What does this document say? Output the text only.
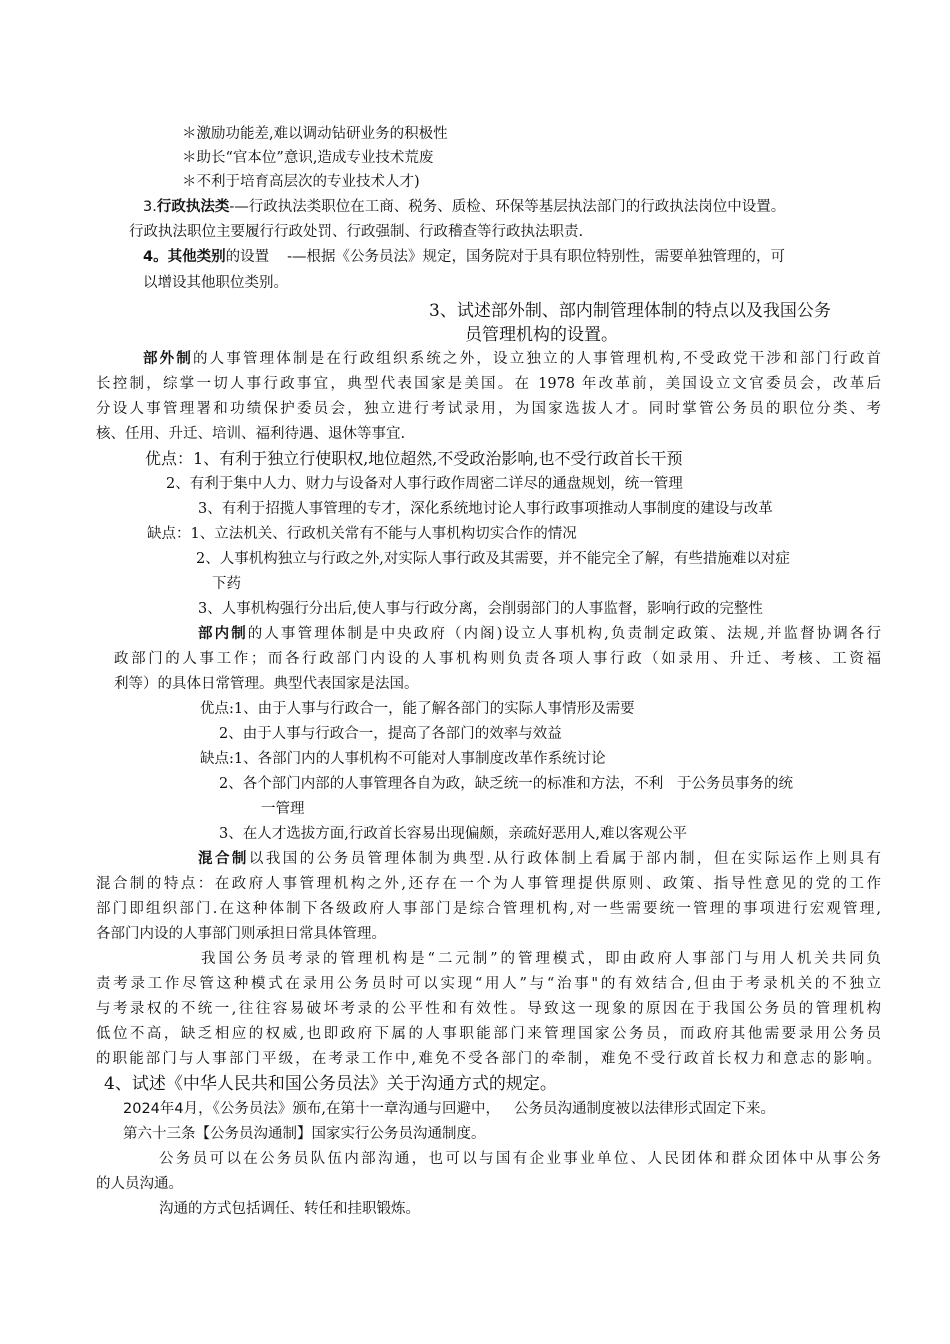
＊激励功能差,难以调动钻研业务的积极性
＊助长“官本位”意识,造成专业技术荒废
＊不利于培育高层次的专业技术人才)
3.行政执法类-—行政执法类职位在工商、税务、质检、环保等基层执法部门的行政执法岗位中设置。
行政执法职位主要履行行政处罚、行政强制、行政稽查等行政执法职责.
4。其他类别的设置 -—根据《公务员法》规定，国务院对于具有职位特别性，需要单独管理的，可
以增设其他职位类别。
3、试述部外制、部内制管理体制的特点以及我国公务
员管理机构的设置。
部外制的人事管理体制是在行政组织系统之外，设立独立的人事管理机构,不受政党干涉和部门行政首
长控制，综掌一切人事行政事宜，典型代表国家是美国。在 1978 年改革前，美国设立文官委员会，改革后
分设人事管理署和功绩保护委员会，独立进行考试录用，为国家选拔人才。同时掌管公务员的职位分类、考
核、任用、升迁、培训、福利待遇、退休等事宜.
优点：1、有利于独立行使职权,地位超然,不受政治影响,也不受行政首长干预
2、有利于集中人力、财力与设备对人事行政作周密二详尽的通盘规划，统一管理
3、有利于招揽人事管理的专才，深化系统地讨论人事行政事项推动人事制度的建设与改革
缺点：1、立法机关、行政机关常有不能与人事机构切实合作的情况
2、人事机构独立与行政之外,对实际人事行政及其需要，并不能完全了解，有些措施难以对症
下药
3、人事机构强行分出后,使人事与行政分离，会削弱部门的人事监督，影响行政的完整性
部内制的人事管理体制是中央政府（内阁)设立人事机构,负责制定政策、法规,并监督协调各行
政部门的人事工作；而各行政部门内设的人事机构则负责各项人事行政（如录用、升迁、考核、工资福
利等）的具体日常管理。典型代表国家是法国。
优点:1、由于人事与行政合一，能了解各部门的实际人事情形及需要
2、由于人事与行政合一，提高了各部门的效率与效益
缺点:1、各部门内的人事机构不可能对人事制度改革作系统讨论
2、各个部门内部的人事管理各自为政，缺乏统一的标准和方法，不利   于公务员事务的统
一管理
3、在人才选拔方面,行政首长容易出现偏颇，亲疏好恶用人,难以客观公平
混合制以我国的公务员管理体制为典型.从行政体制上看属于部内制，但在实际运作上则具有
混合制的特点：在政府人事管理机构之外,还存在一个为人事管理提供原则、政策、指导性意见的党的工作
部门即组织部门.在这种体制下各级政府人事部门是综合管理机构,对一些需要统一管理的事项进行宏观管理,
各部门内设的人事部门则承担日常具体管理。
我国公务员考录的管理机构是“二元制”的管理模式，即由政府人事部门与用人机关共同负
责考录工作尽管这种模式在录用公务员时可以实现“用人”与“治事"的有效结合,但由于考录机关的不独立
与考录权的不统一,往往容易破坏考录的公平性和有效性。导致这一现象的原因在于我国公务员的管理机构
低位不高，缺乏相应的权威,也即政府下属的人事职能部门来管理国家公务员，而政府其他需要录用公务员
的职能部门与人事部门平级，在考录工作中,难免不受各部门的牵制，难免不受行政首长权力和意志的影响。
4、试述《中华人民共和国公务员法》关于沟通方式的规定。
2024年4月，《公务员法》颁布,在第十一章沟通与回避中， 公务员沟通制度被以法律形式固定下来。
第六十三条【公务员沟通制】国家实行公务员沟通制度。
公务员可以在公务员队伍内部沟通，也可以与国有企业事业单位、人民团体和群众团体中从事公务
的人员沟通。
沟通的方式包括调任、转任和挂职锻炼。
